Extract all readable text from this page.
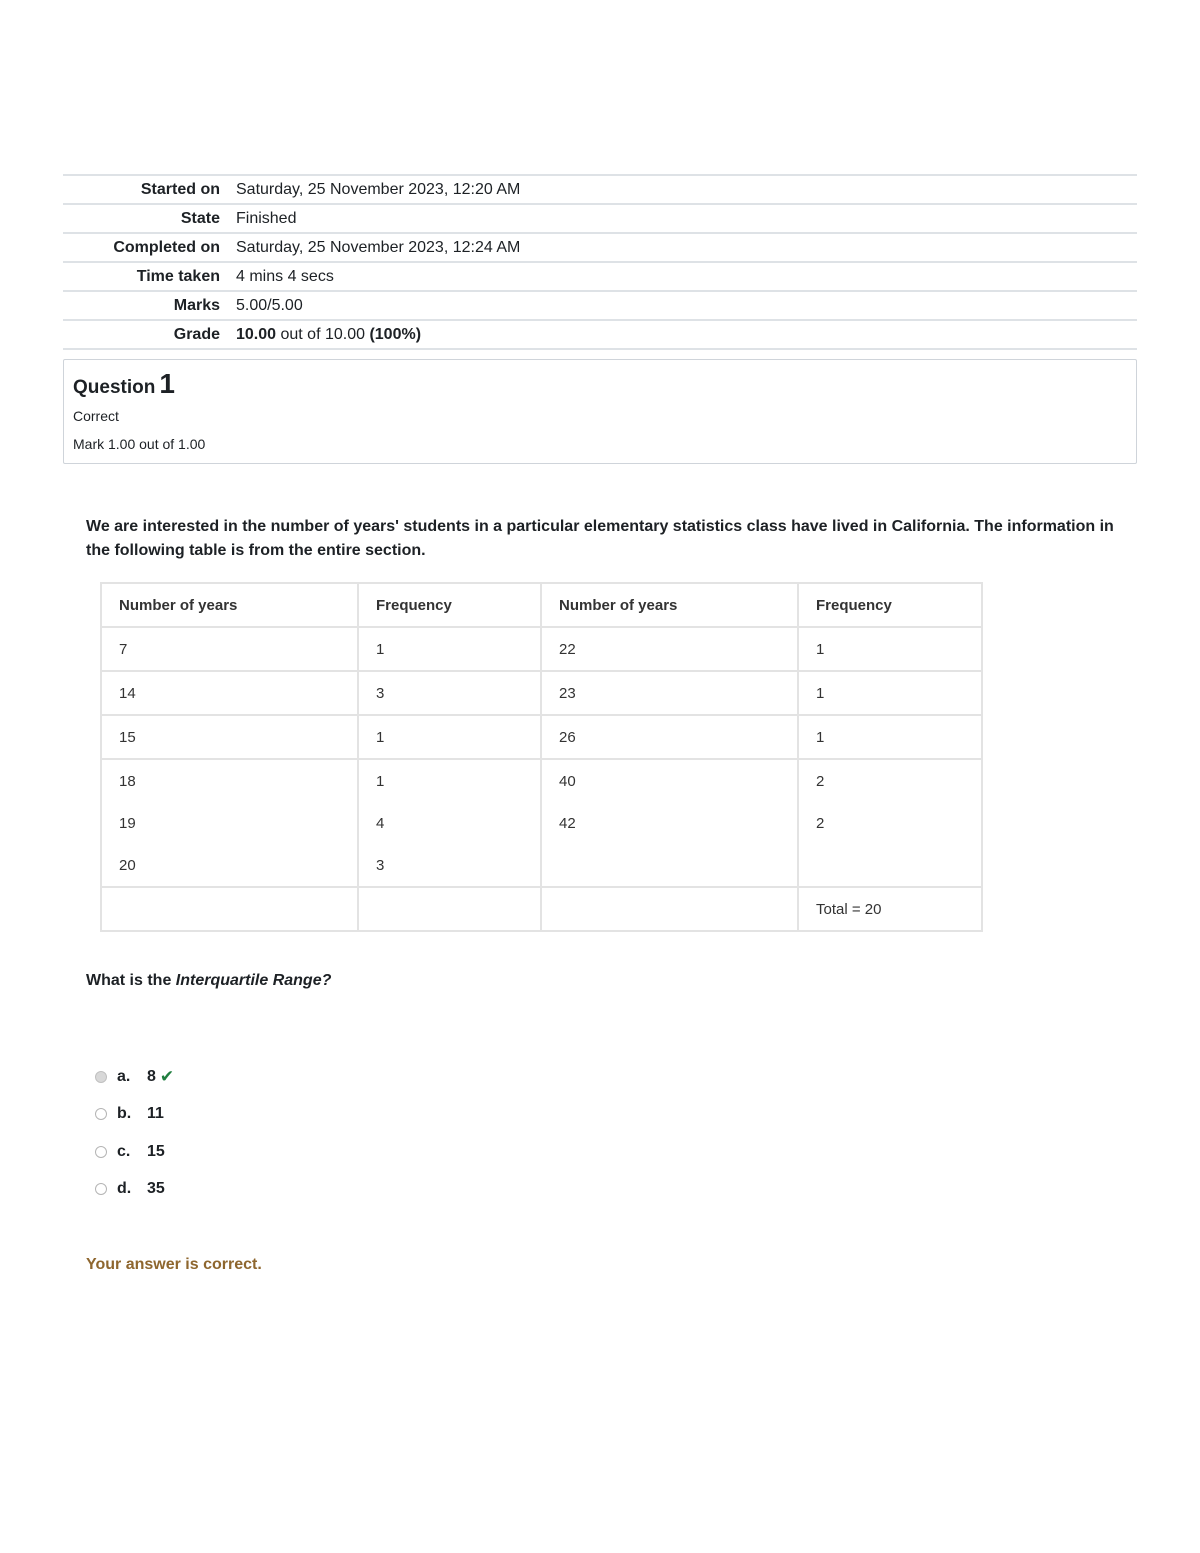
Started on	Saturday, 25 November 2023, 12:20 AM
State	Finished
Completed on	Saturday, 25 November 2023, 12:24 AM
Time taken	4 mins 4 secs
Marks	5.00/5.00
Grade	10.00 out of 10.00 (100%)
Question 1
Correct
Mark 1.00 out of 1.00
We are interested in the number of years' students in a particular elementary statistics class have lived in California. The information in the following table is from the entire section.
Number of years	Frequency	Number of years	Frequency
7	1	22	1
14	3	23	1
15	1	26	1
18	1	40	2
19	4	42	2
20	3		
			Total = 20
What is the Interquartile Range?
a.	8 ✔
b. 11
c.	15
d. 35
Your answer is correct.
